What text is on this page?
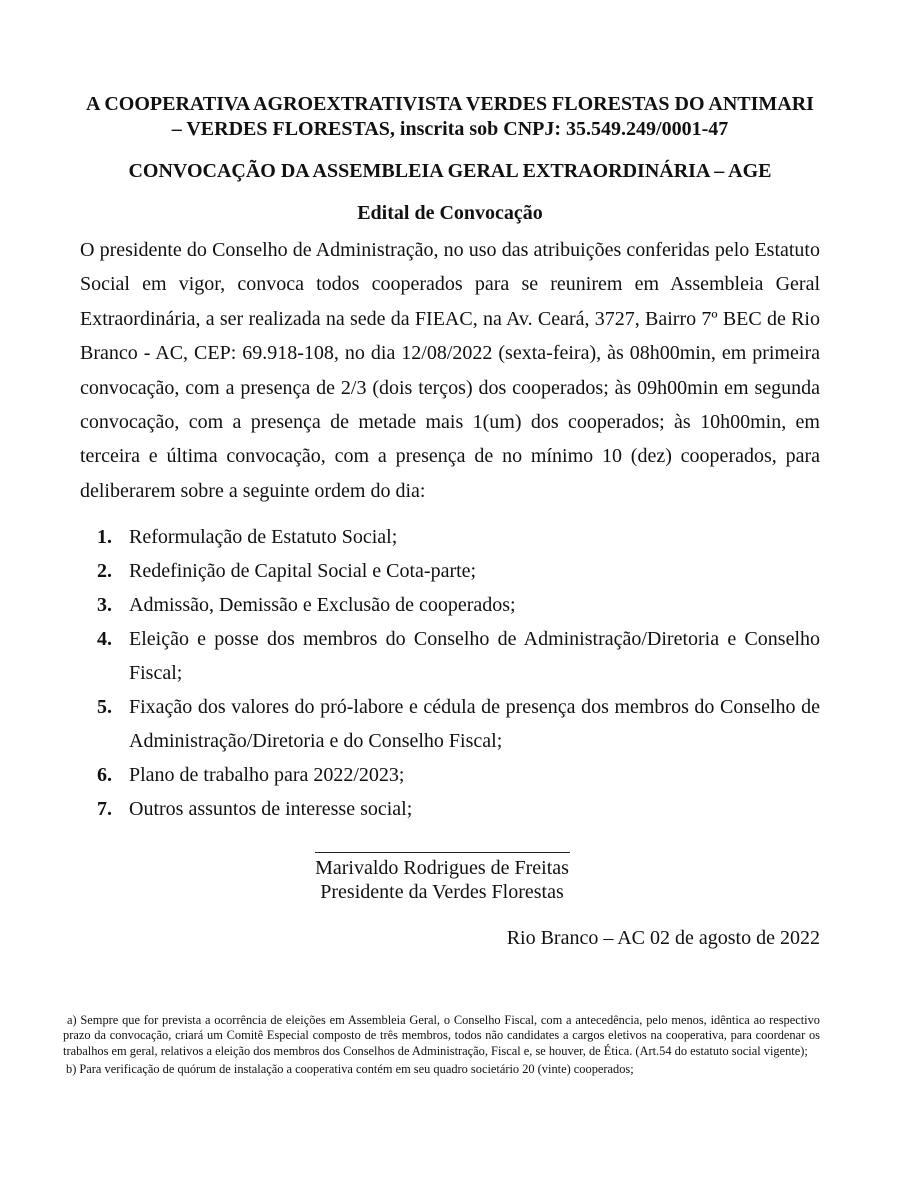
A COOPERATIVA AGROEXTRATIVISTA VERDES FLORESTAS DO ANTIMARI – VERDES FLORESTAS, inscrita sob CNPJ: 35.549.249/0001-47

CONVOCAÇÃO DA ASSEMBLEIA GERAL EXTRAORDINÁRIA – AGE

Edital de Convocação

O presidente do Conselho de Administração, no uso das atribuições conferidas pelo Estatuto Social em vigor, convoca todos cooperados para se reunirem em Assembleia Geral Extraordinária, a ser realizada na sede da FIEAC, na Av. Ceará, 3727, Bairro 7º BEC de Rio Branco - AC, CEP: 69.918-108, no dia 12/08/2022 (sexta-feira), às 08h00min, em primeira convocação, com a presença de 2/3 (dois terços) dos cooperados; às 09h00min em segunda convocação, com a presença de metade mais 1(um) dos cooperados; às 10h00min, em terceira e última convocação, com a presença de no mínimo 10 (dez) cooperados, para deliberarem sobre a seguinte ordem do dia:

1. Reformulação de Estatuto Social;
2. Redefinição de Capital Social e Cota-parte;
3. Admissão, Demissão e Exclusão de cooperados;
4. Eleição e posse dos membros do Conselho de Administração/Diretoria e Conselho Fiscal;
5. Fixação dos valores do pró-labore e cédula de presença dos membros do Conselho de Administração/Diretoria e do Conselho Fiscal;
6. Plano de trabalho para 2022/2023;
7. Outros assuntos de interesse social;

Marivaldo Rodrigues de Freitas

Presidente da Verdes Florestas

Rio Branco – AC 02 de agosto de 2022

a) Sempre que for prevista a ocorrência de eleições em Assembleia Geral, o Conselho Fiscal, com a antecedência, pelo menos, idêntica ao respectivo prazo da convocação, criará um Comitê Especial composto de três membros, todos não candidates a cargos eletivos na cooperativa, para coordenar os trabalhos em geral, relativos a eleição dos membros dos Conselhos de Administração, Fiscal e, se houver, de Ética. (Art.54 do estatuto social vigente);

b) Para verificação de quórum de instalação a cooperativa contém em seu quadro societário 20 (vinte) cooperados;
